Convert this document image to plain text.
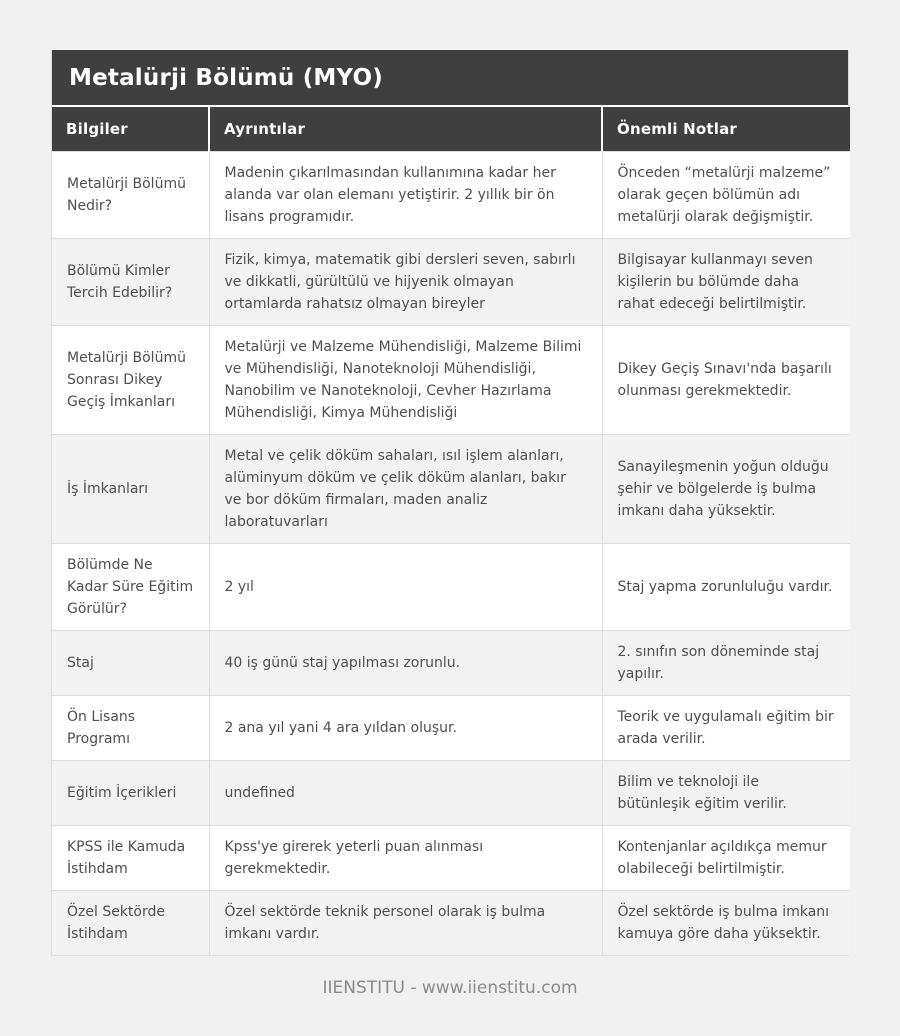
Metalürji Bölümü (MYO)
Bilgiler	Ayrıntılar	Önemli Notlar
Metalürji Bölümü Nedir?	Madenin çıkarılmasından kullanımına kadar her alanda var olan elemanı yetiştirir. 2 yıllık bir ön lisans programıdır.	Önceden “metalürji malzeme” olarak geçen bölümün adı metalürji olarak değişmiştir.
Bölümü Kimler Tercih Edebilir?	Fizik, kimya, matematik gibi dersleri seven, sabırlı ve dikkatli, gürültülü ve hijyenik olmayan ortamlarda rahatsız olmayan bireyler	Bilgisayar kullanmayı seven kişilerin bu bölümde daha rahat edeceği belirtilmiştir.
Metalürji Bölümü Sonrası Dikey Geçiş İmkanları	Metalürji ve Malzeme Mühendisliği, Malzeme Bilimi ve Mühendisliği, Nanoteknoloji Mühendisliği, Nanobilim ve Nanoteknoloji, Cevher Hazırlama Mühendisliği, Kimya Mühendisliği	Dikey Geçiş Sınavı'nda başarılı olunması gerekmektedir.
İş İmkanları	Metal ve çelik döküm sahaları, ısıl işlem alanları, alüminyum döküm ve çelik döküm alanları, bakır ve bor döküm firmaları, maden analiz laboratuvarları	Sanayileşmenin yoğun olduğu şehir ve bölgelerde iş bulma imkanı daha yüksektir.
Bölümde Ne Kadar Süre Eğitim Görülür?	2 yıl	Staj yapma zorunluluğu vardır.
Staj	40 iş günü staj yapılması zorunlu.	2. sınıfın son döneminde staj yapılır.
Ön Lisans Programı	2 ana yıl yani 4 ara yıldan oluşur.	Teorik ve uygulamalı eğitim bir arada verilir.
Eğitim İçerikleri	undefined	Bilim ve teknoloji ile bütünleşik eğitim verilir.
KPSS ile Kamuda İstihdam	Kpss'ye girerek yeterli puan alınması gerekmektedir.	Kontenjanlar açıldıkça memur olabileceği belirtilmiştir.
Özel Sektörde İstihdam	Özel sektörde teknik personel olarak iş bulma imkanı vardır.	Özel sektörde iş bulma imkanı kamuya göre daha yüksektir.
IIENSTITU - www.iienstitu.com
